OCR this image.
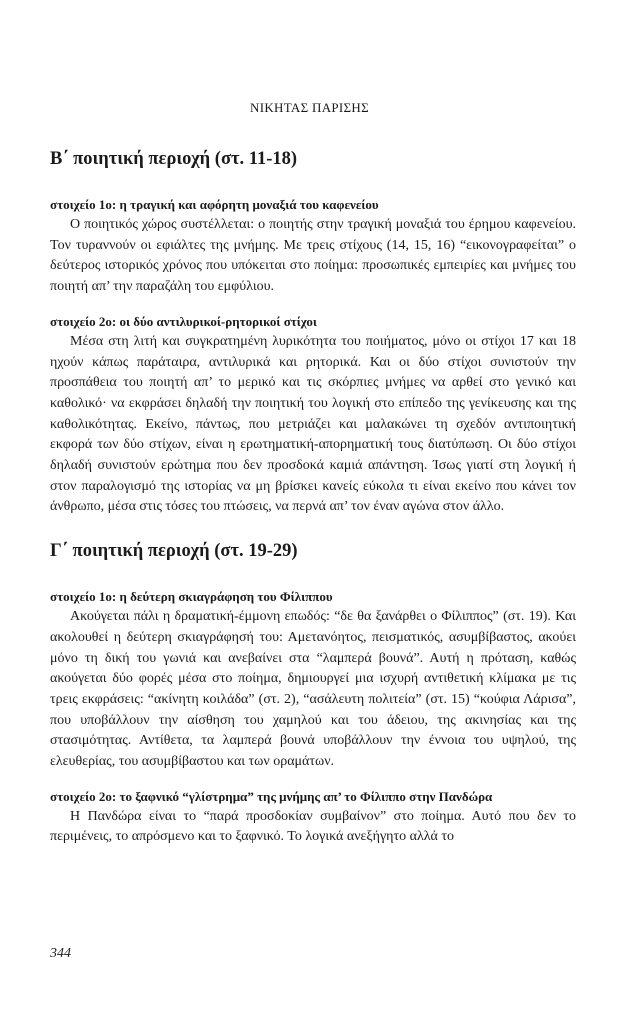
ΝΙΚΗΤΑΣ ΠΑΡΙΣΗΣ
Β΄ ποιητική περιοχή (στ. 11-18)

στοιχείο 1ο: η τραγική και αφόρητη μοναξιά του καφενείου

Ο ποιητικός χώρος συστέλλεται: ο ποιητής στην τραγική μοναξιά του έρημου καφενείου. Τον τυραννούν οι εφιάλτες της μνήμης. Με τρεις στίχους (14, 15, 16) “εικονογραφείται” ο δεύτερος ιστορικός χρόνος που υπόκειται στο ποίημα: προσωπικές εμπειρίες και μνήμες του ποιητή απ’ την παραζάλη του εμφύλιου.

στοιχείο 2ο: οι δύο αντιλυρικοί-ρητορικοί στίχοι

Μέσα στη λιτή και συγκρατημένη λυρικότητα του ποιήματος, μόνο οι στίχοι 17 και 18 ηχούν κάπως παράταιρα, αντιλυρικά και ρητορικά. Και οι δύο στίχοι συνιστούν την προσπάθεια του ποιητή απ’ το μερικό και τις σκόρπιες μνήμες να αρθεί στο γενικό και καθολικό· να εκφράσει δηλαδή την ποιητική του λογική στο επίπεδο της γενίκευσης και της καθολικότητας. Εκείνο, πάντως, που μετριάζει και μαλακώνει τη σχεδόν αντιποιητική εκφορά των δύο στίχων, είναι η ερωτηματική-απορηματική τους διατύπωση. Οι δύο στίχοι δηλαδή συνιστούν ερώτημα που δεν προσδοκά καμιά απάντηση. Ίσως γιατί στη λογική ή στον παραλογισμό της ιστορίας να μη βρίσκει κανείς εύκολα τι είναι εκείνο που κάνει τον άνθρωπο, μέσα στις τόσες του πτώσεις, να περνά απ’ τον έναν αγώνα στον άλλο.

Γ΄ ποιητική περιοχή (στ. 19-29)

στοιχείο 1ο: η δεύτερη σκιαγράφηση του Φίλιππου

Ακούγεται πάλι η δραματική-έμμονη επωδός: “δε θα ξανάρθει ο Φίλιππος” (στ. 19). Και ακολουθεί η δεύτερη σκιαγράφησή του: Αμετανόητος, πεισματικός, ασυμβίβαστος, ακούει μόνο τη δική του γωνιά και ανεβαίνει στα “λαμπερά βουνά”. Αυτή η πρόταση, καθώς ακούγεται δύο φορές μέσα στο ποίημα, δημιουργεί μια ισχυρή αντιθετική κλίμακα με τις τρεις εκφράσεις: “ακίνητη κοιλάδα” (στ. 2), “ασάλευτη πολιτεία” (στ. 15) “κούφια Λάρισα”, που υποβάλλουν την αίσθηση του χαμηλού και του άδειου, της ακινησίας και της στασιμότητας. Αντίθετα, τα λαμπερά βουνά υποβάλλουν την έννοια του υψηλού, της ελευθερίας, του ασυμβίβαστου και των οραμάτων.

στοιχείο 2ο: το ξαφνικό “γλίστρημα” της μνήμης απ’ το Φίλιππο στην Πανδώρα

Η Πανδώρα είναι το “παρά προσδοκίαν συμβαίνον” στο ποίημα. Αυτό που δεν το περιμένεις, το απρόσμενο και το ξαφνικό. Το λογικά ανεξήγητο αλλά το

344
